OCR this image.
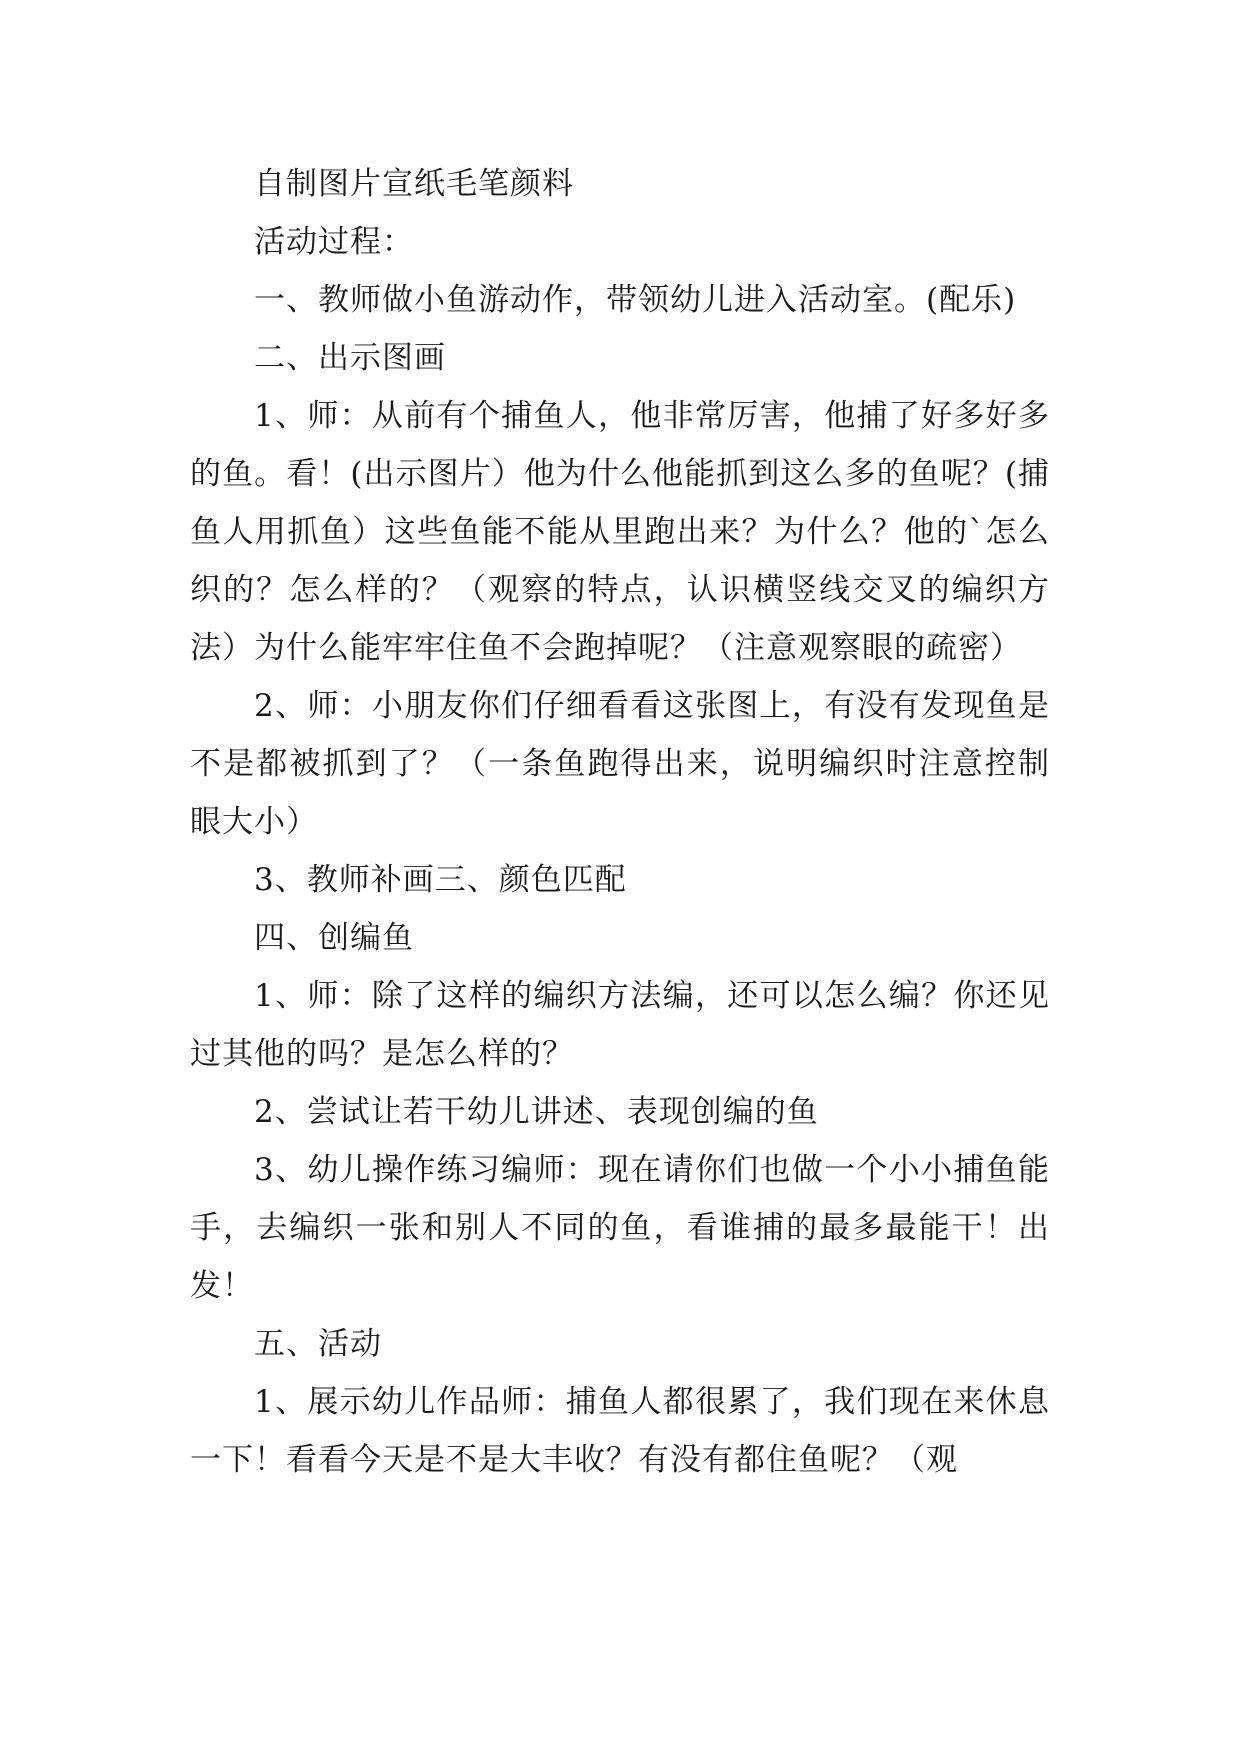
自制图片宣纸毛笔颜料

活动过程：

一、教师做小鱼游动作，带领幼儿进入活动室。(配乐)

二、出示图画

1、师：从前有个捕鱼人，他非常厉害，他捕了好多好多的鱼。看！(出示图片）他为什么他能抓到这么多的鱼呢？(捕鱼人用抓鱼）这些鱼能不能从里跑出来？为什么？他的`怎么织的？怎么样的？（观察的特点，认识横竖线交叉的编织方法）为什么能牢牢住鱼不会跑掉呢？（注意观察眼的疏密）

2、师：小朋友你们仔细看看这张图上，有没有发现鱼是不是都被抓到了？（一条鱼跑得出来，说明编织时注意控制眼大小）

3、教师补画三、颜色匹配

四、创编鱼

1、师：除了这样的编织方法编，还可以怎么编？你还见过其他的吗？是怎么样的？

2、尝试让若干幼儿讲述、表现创编的鱼

3、幼儿操作练习编师：现在请你们也做一个小小捕鱼能手，去编织一张和别人不同的鱼，看谁捕的最多最能干！出发！

五、活动

1、展示幼儿作品师：捕鱼人都很累了，我们现在来休息一下！看看今天是不是大丰收？有没有都住鱼呢？（观
